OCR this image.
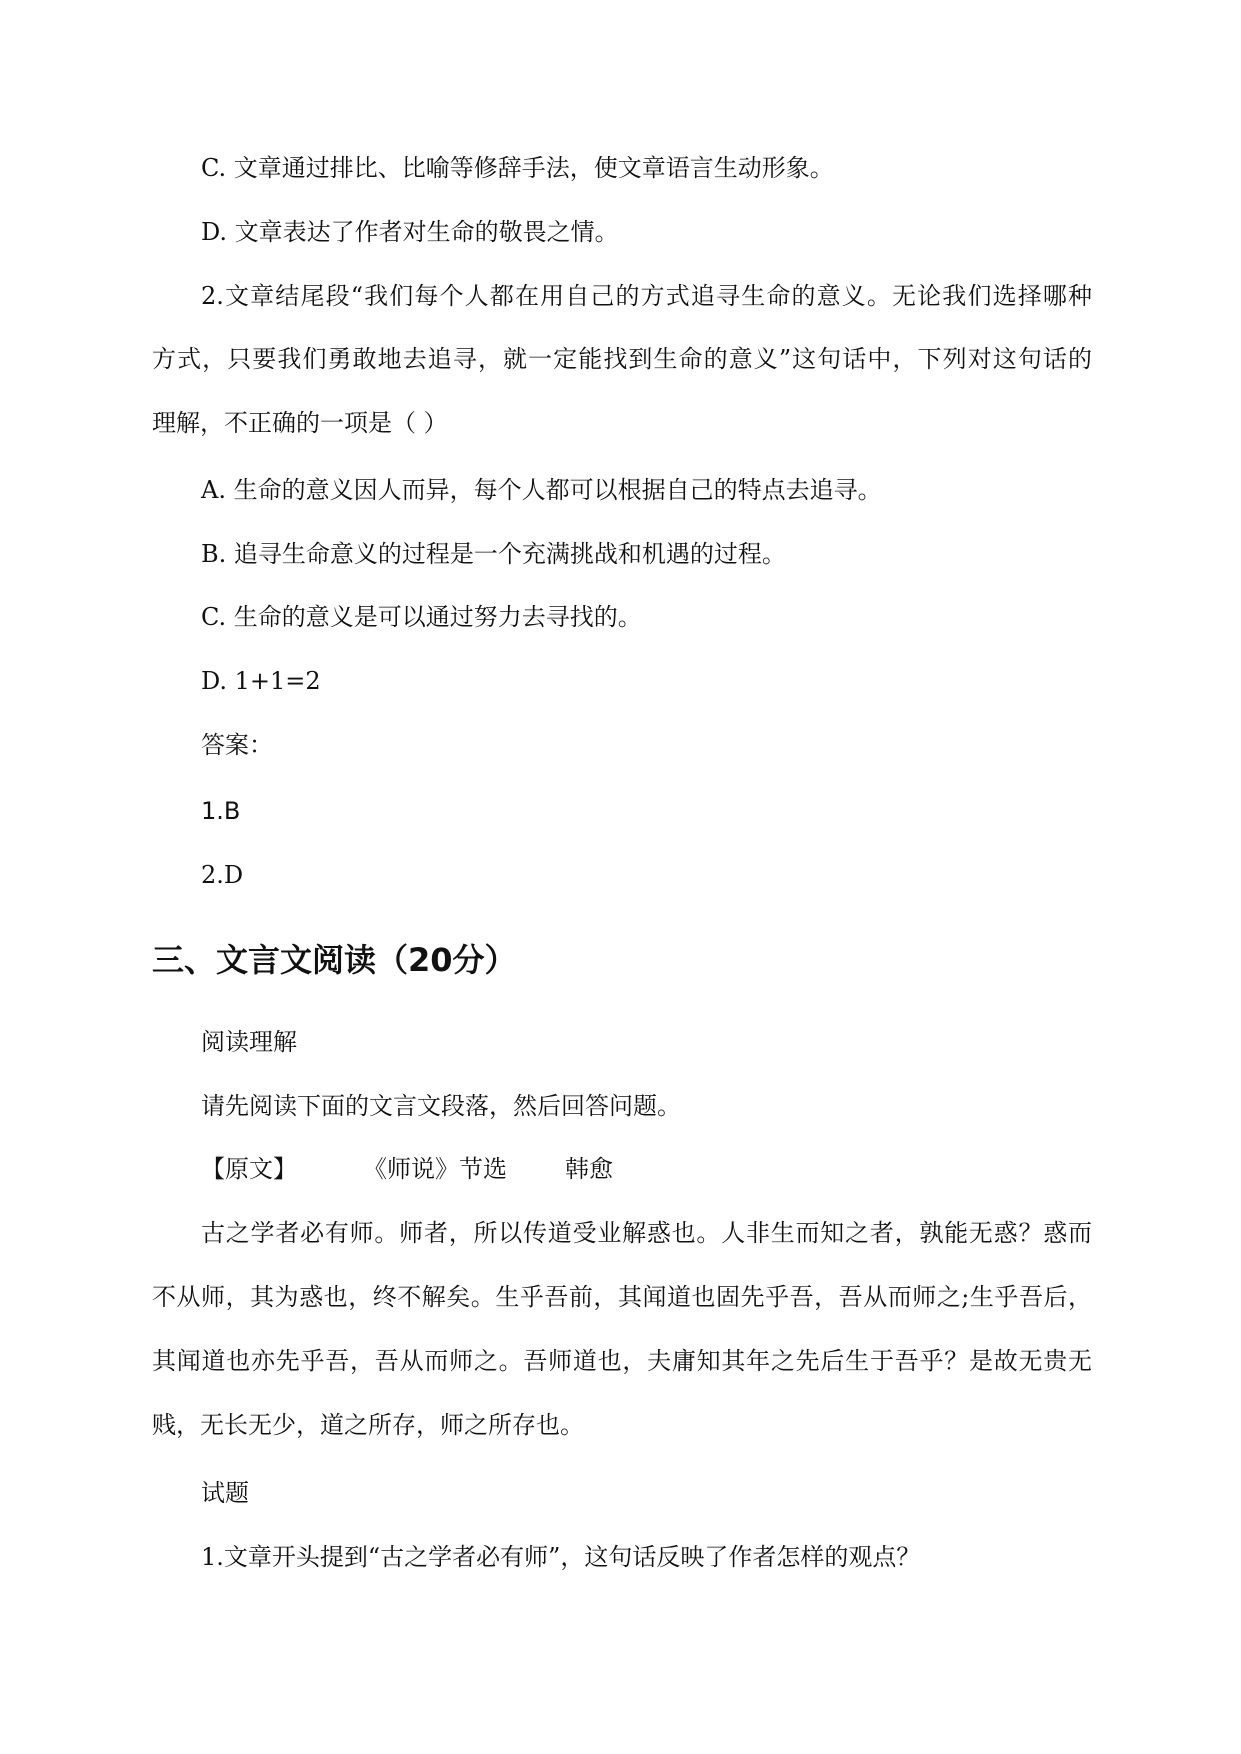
C. 文章通过排比、比喻等修辞手法，使文章语言生动形象。
D. 文章表达了作者对生命的敬畏之情。
2.文章结尾段“我们每个人都在用自己的方式追寻生命的意义。无论我们选择哪种
方式，只要我们勇敢地去追寻，就一定能找到生命的意义”这句话中，下列对这句话的
理解，不正确的一项是（ ）
A. 生命的意义因人而异，每个人都可以根据自己的特点去追寻。
B. 追寻生命意义的过程是一个充满挑战和机遇的过程。
C. 生命的意义是可以通过努力去寻找的。
D. 1+1=2
答案：
1.B
2.D
三、文言文阅读（20分）
阅读理解
请先阅读下面的文言文段落，然后回答问题。
【原文】	《师说》节选 韩愈
古之学者必有师。师者，所以传道受业解惑也。人非生而知之者，孰能无惑？惑而
不从师，其为惑也，终不解矣。生乎吾前，其闻道也固先乎吾，吾从而师之;生乎吾后，
其闻道也亦先乎吾，吾从而师之。吾师道也，夫庸知其年之先后生于吾乎？是故无贵无
贱，无长无少，道之所存，师之所存也。
试题
1.文章开头提到“古之学者必有师”，这句话反映了作者怎样的观点？
